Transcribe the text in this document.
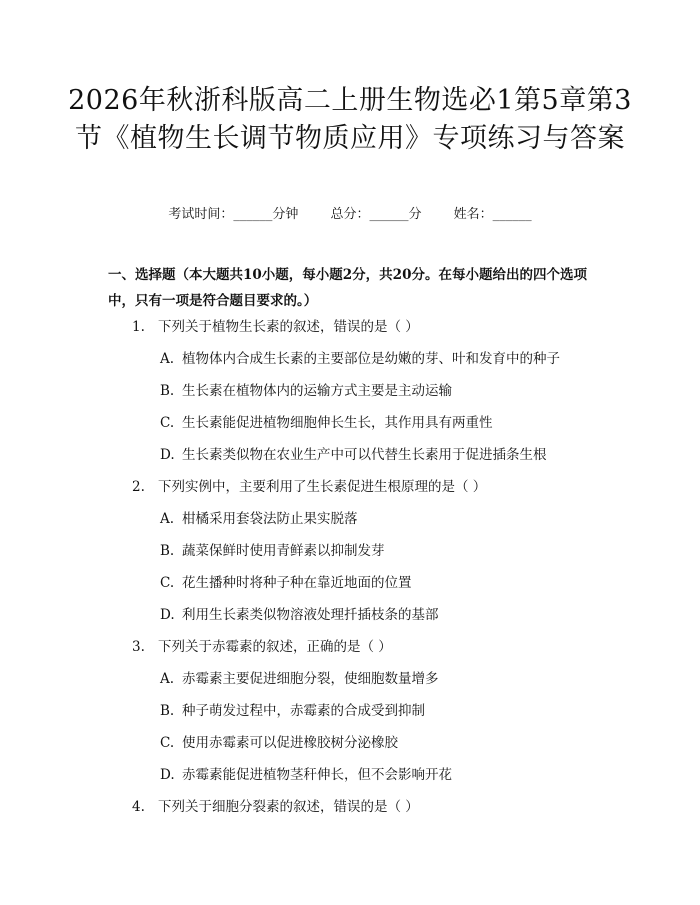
2026年秋浙科版高二上册生物选必1第5章第3节《植物生长调节物质应用》专项练习与答案
考试时间：______分钟 总分：______分 姓名：______
一、选择题（本大题共10小题，每小题2分，共20分。在每小题给出的四个选项中，只有一项是符合题目要求的。）
1. 下列关于植物生长素的叙述，错误的是（ ）
A. 植物体内合成生长素的主要部位是幼嫩的芽、叶和发育中的种子
B. 生长素在植物体内的运输方式主要是主动运输
C. 生长素能促进植物细胞伸长生长，其作用具有两重性
D. 生长素类似物在农业生产中可以代替生长素用于促进插条生根
2. 下列实例中，主要利用了生长素促进生根原理的是（ ）
A. 柑橘采用套袋法防止果实脱落
B. 蔬菜保鲜时使用青鲜素以抑制发芽
C. 花生播种时将种子种在靠近地面的位置
D. 利用生长素类似物溶液处理扦插枝条的基部
3. 下列关于赤霉素的叙述，正确的是（ ）
A. 赤霉素主要促进细胞分裂，使细胞数量增多
B. 种子萌发过程中，赤霉素的合成受到抑制
C. 使用赤霉素可以促进橡胶树分泌橡胶
D. 赤霉素能促进植物茎秆伸长，但不会影响开花
4. 下列关于细胞分裂素的叙述，错误的是（ ）
